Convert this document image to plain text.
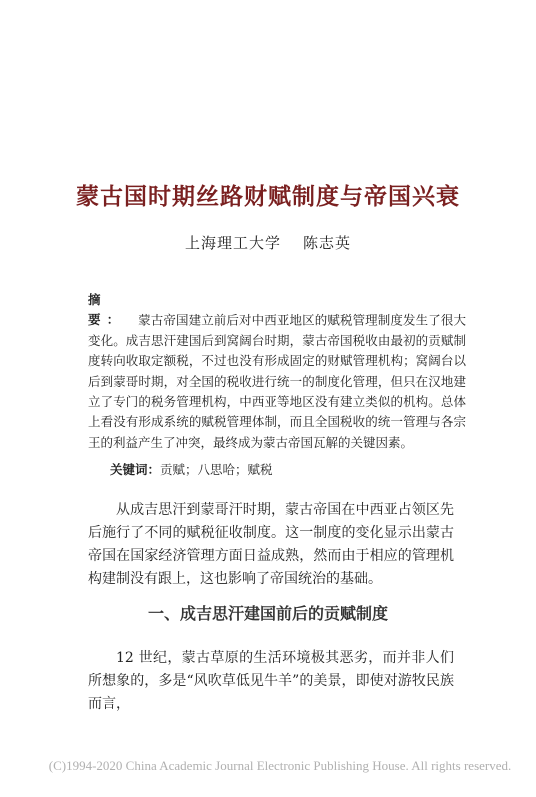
蒙古国时期丝路财赋制度与帝国兴衰
上海理工大学 陈志英

摘　要： 蒙古帝国建立前后对中西亚地区的赋税管理制度发生了很大变化。成吉思汗建国后到窝阔台时期，蒙古帝国税收由最初的贡赋制度转向收取定额税，不过也没有形成固定的财赋管理机构；窝阔台以后到蒙哥时期，对全国的税收进行统一的制度化管理，但只在汉地建立了专门的税务管理机构，中西亚等地区没有建立类似的机构。总体上看没有形成系统的赋税管理体制，而且全国税收的统一管理与各宗王的利益产生了冲突，最终成为蒙古帝国瓦解的关键因素。

关键词：贡赋；八思哈；赋税

从成吉思汗到蒙哥汗时期，蒙古帝国在中西亚占领区先后施行了不同的赋税征收制度。这一制度的变化显示出蒙古帝国在国家经济管理方面日益成熟，然而由于相应的管理机构建制没有跟上，这也影响了帝国统治的基础。

一、成吉思汗建国前后的贡赋制度

12 世纪，蒙古草原的生活环境极其恶劣，而并非人们所想象的，多是“风吹草低见牛羊”的美景，即使对游牧民族而言，

(C)1994-2020 China Academic Journal Electronic Publishing House. All rights reserved.
